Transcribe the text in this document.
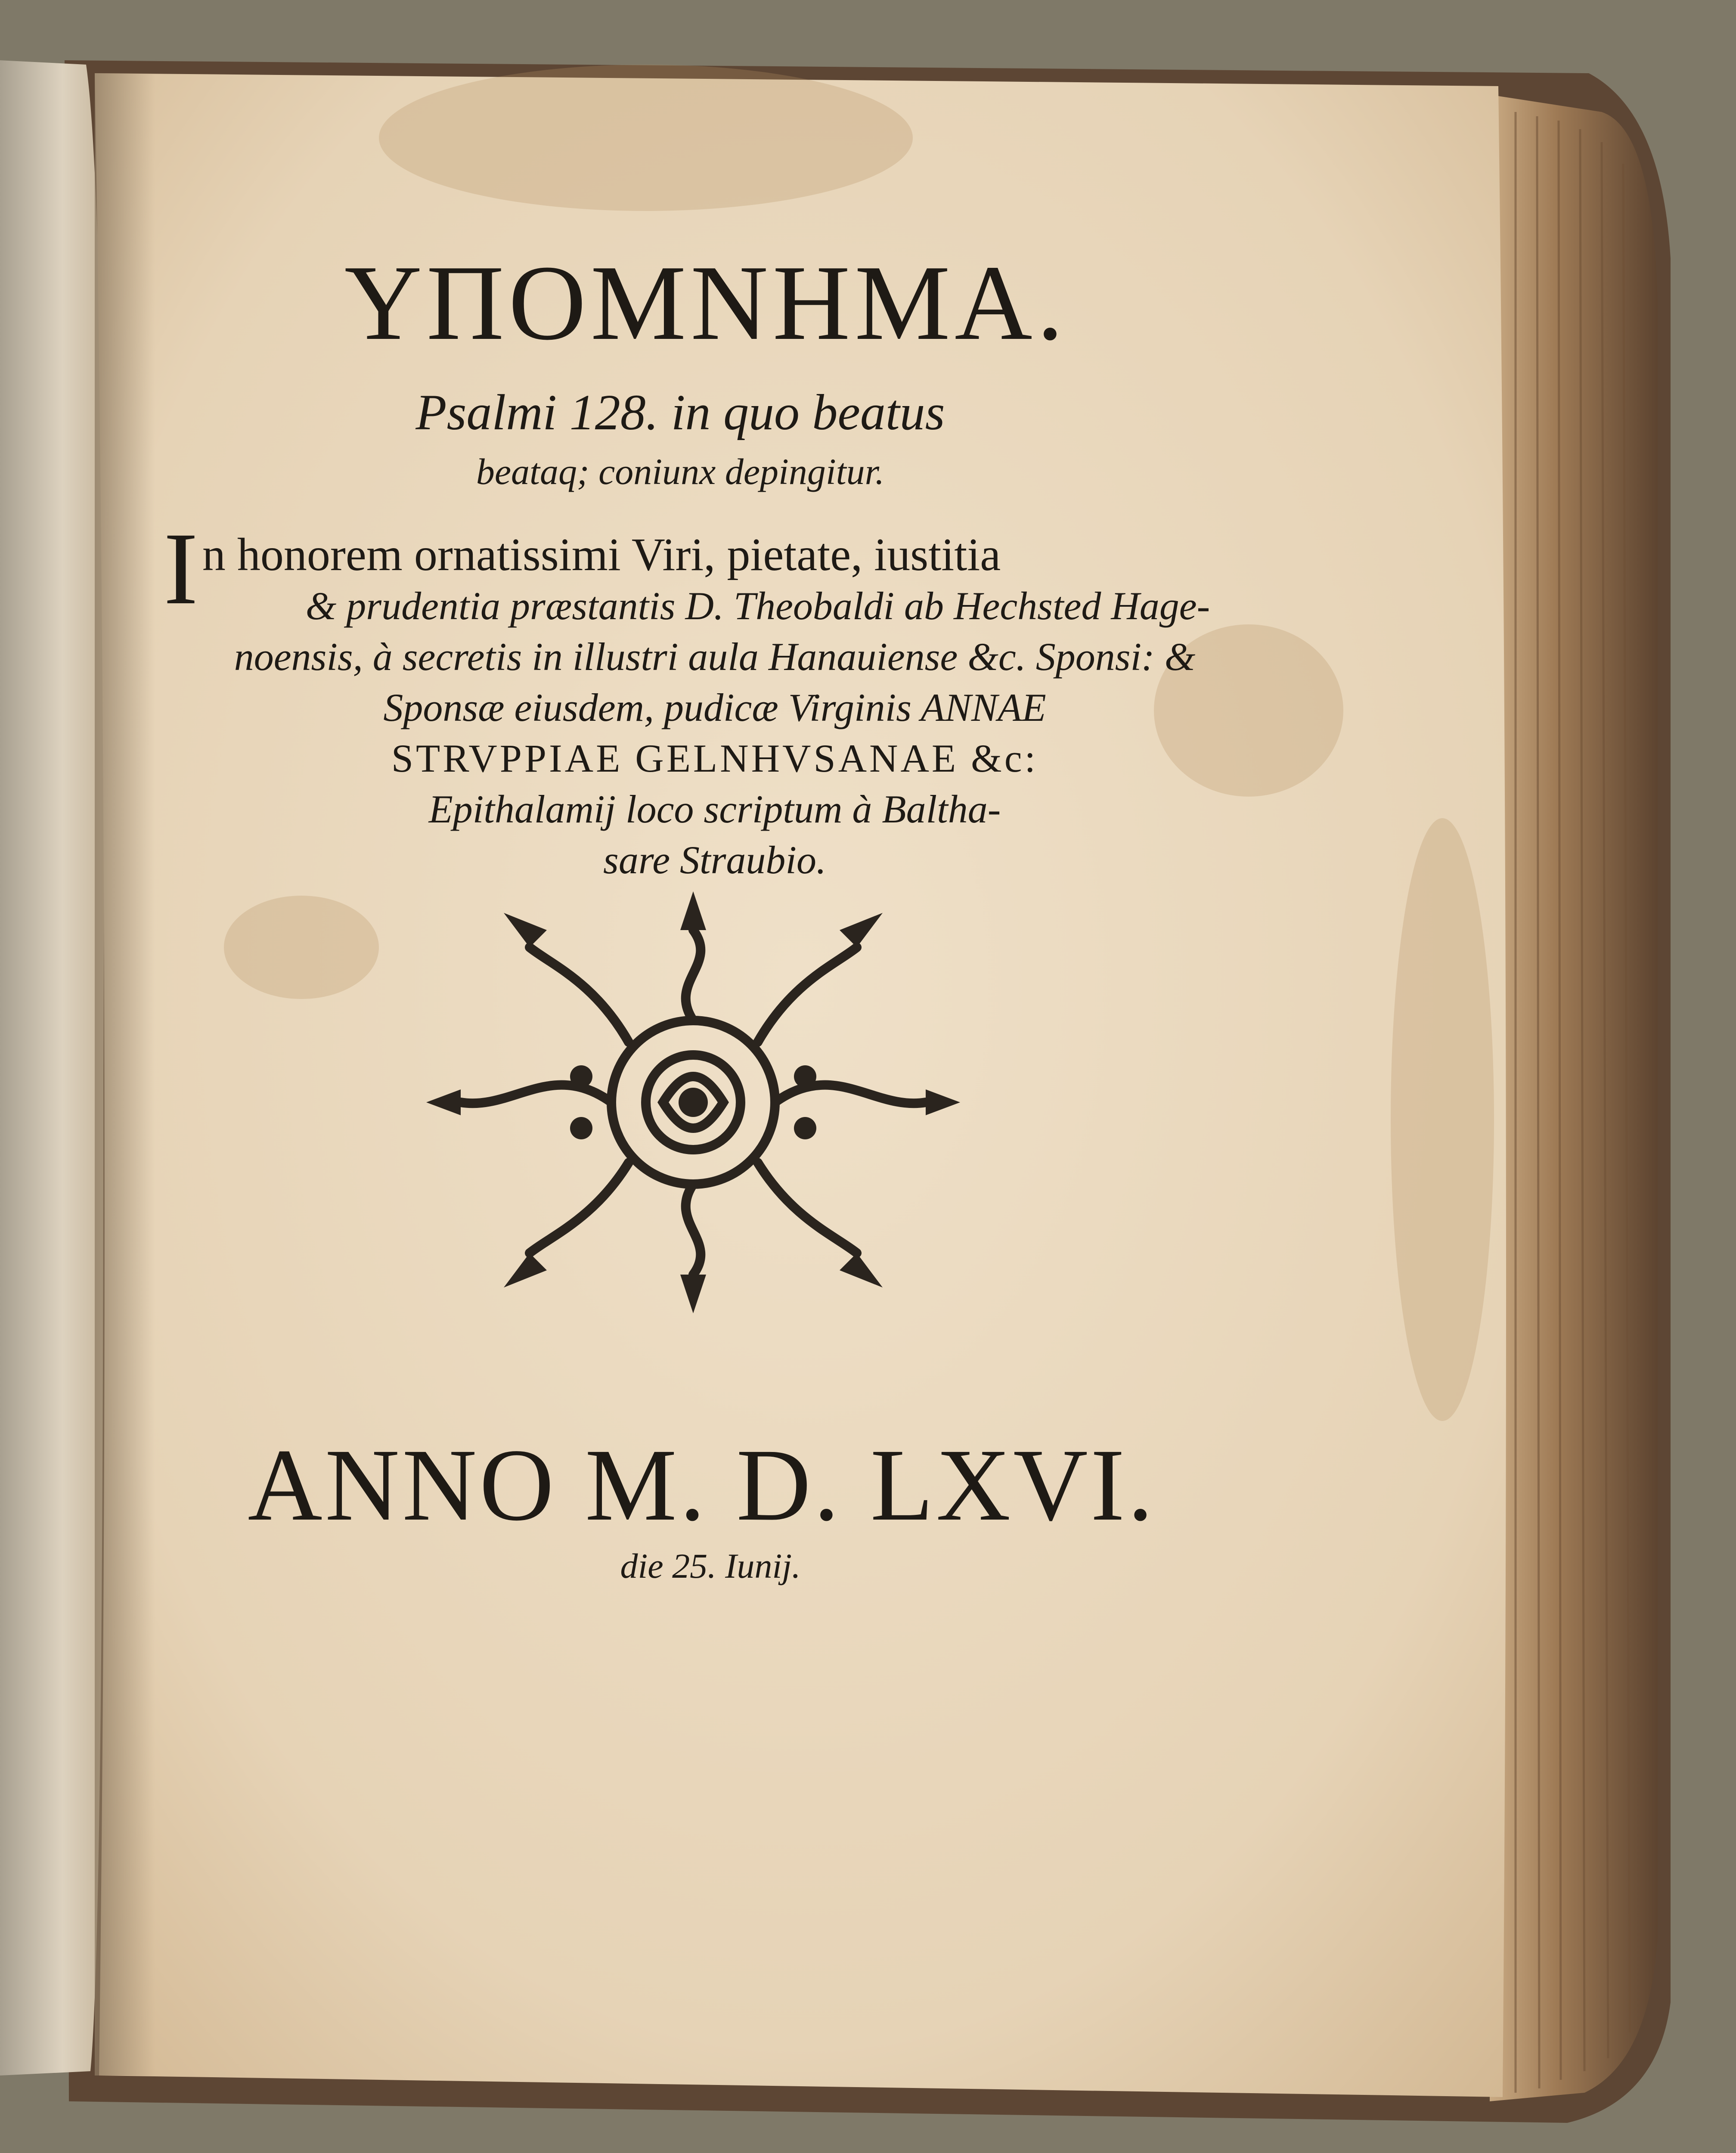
ΥΠΟΜΝΗΜΑ.
Psalmi 128. in quo beatus
beataq; coniunx depingitur.
In honorem ornatissimi Viri, pietate, iustitia
& prudentia præstantis D. Theobaldi ab Hechsted Hage-
noensis, à secretis in illustri aula Hanauiense &c. Sponsi: &
Sponsæ eiusdem, pudicæ Virginis ANNAE
STRVPPIAE GELNHVSANAE &c:
Epithalamij loco scriptum à Baltha-
sare Straubio.
ANNO M. D. LXVI.
die 25. Iunij.
